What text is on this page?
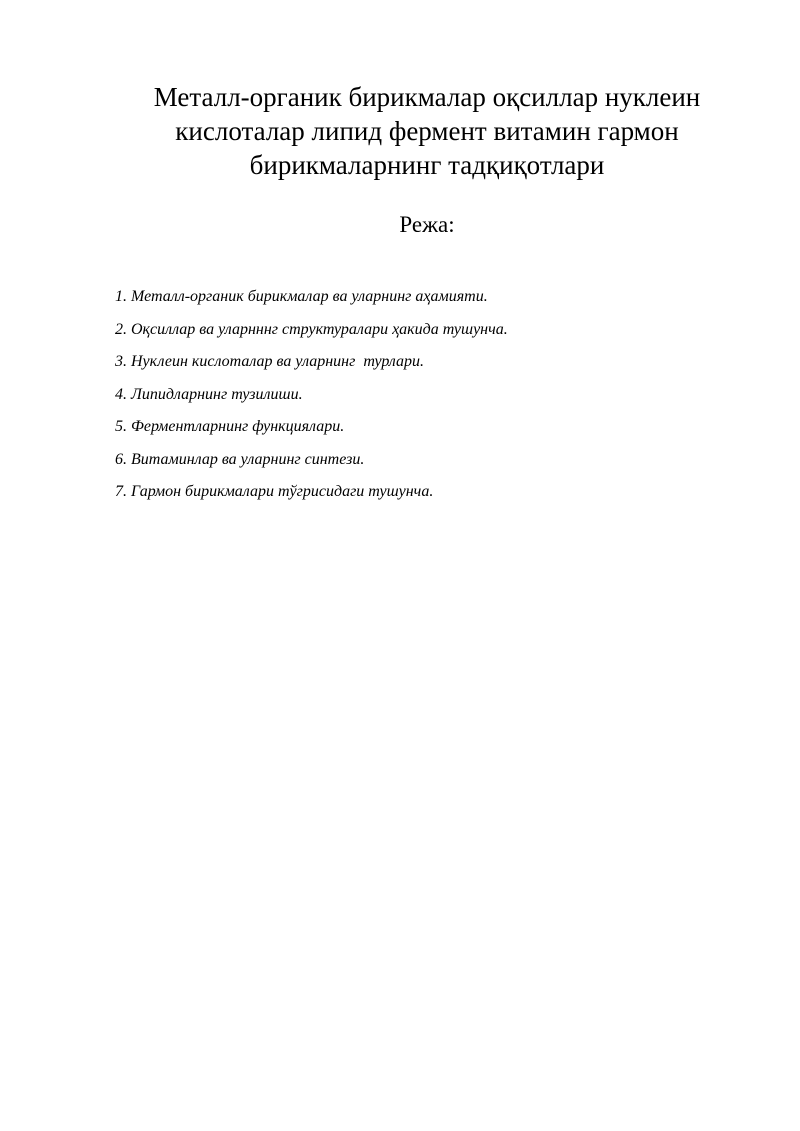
Металл-органик бирикмалар оқсиллар нуклеин
кислоталар липид фермент витамин гармон
бирикмаларнинг тадқиқотлари
Режа:
1. Металл-органик бирикмалар ва уларнинг аҳамияти.
2. Оқсиллар ва уларнннг структуралари ҳакида тушунча.
3. Нуклеин кислоталар ва уларнинг  турлари.
4. Липидларнинг тузилиши.
5. Ферментларнинг функциялари.
6. Витаминлар ва уларнинг синтези.
7. Гармон бирикмалари тўгрисидаги тушунча.
